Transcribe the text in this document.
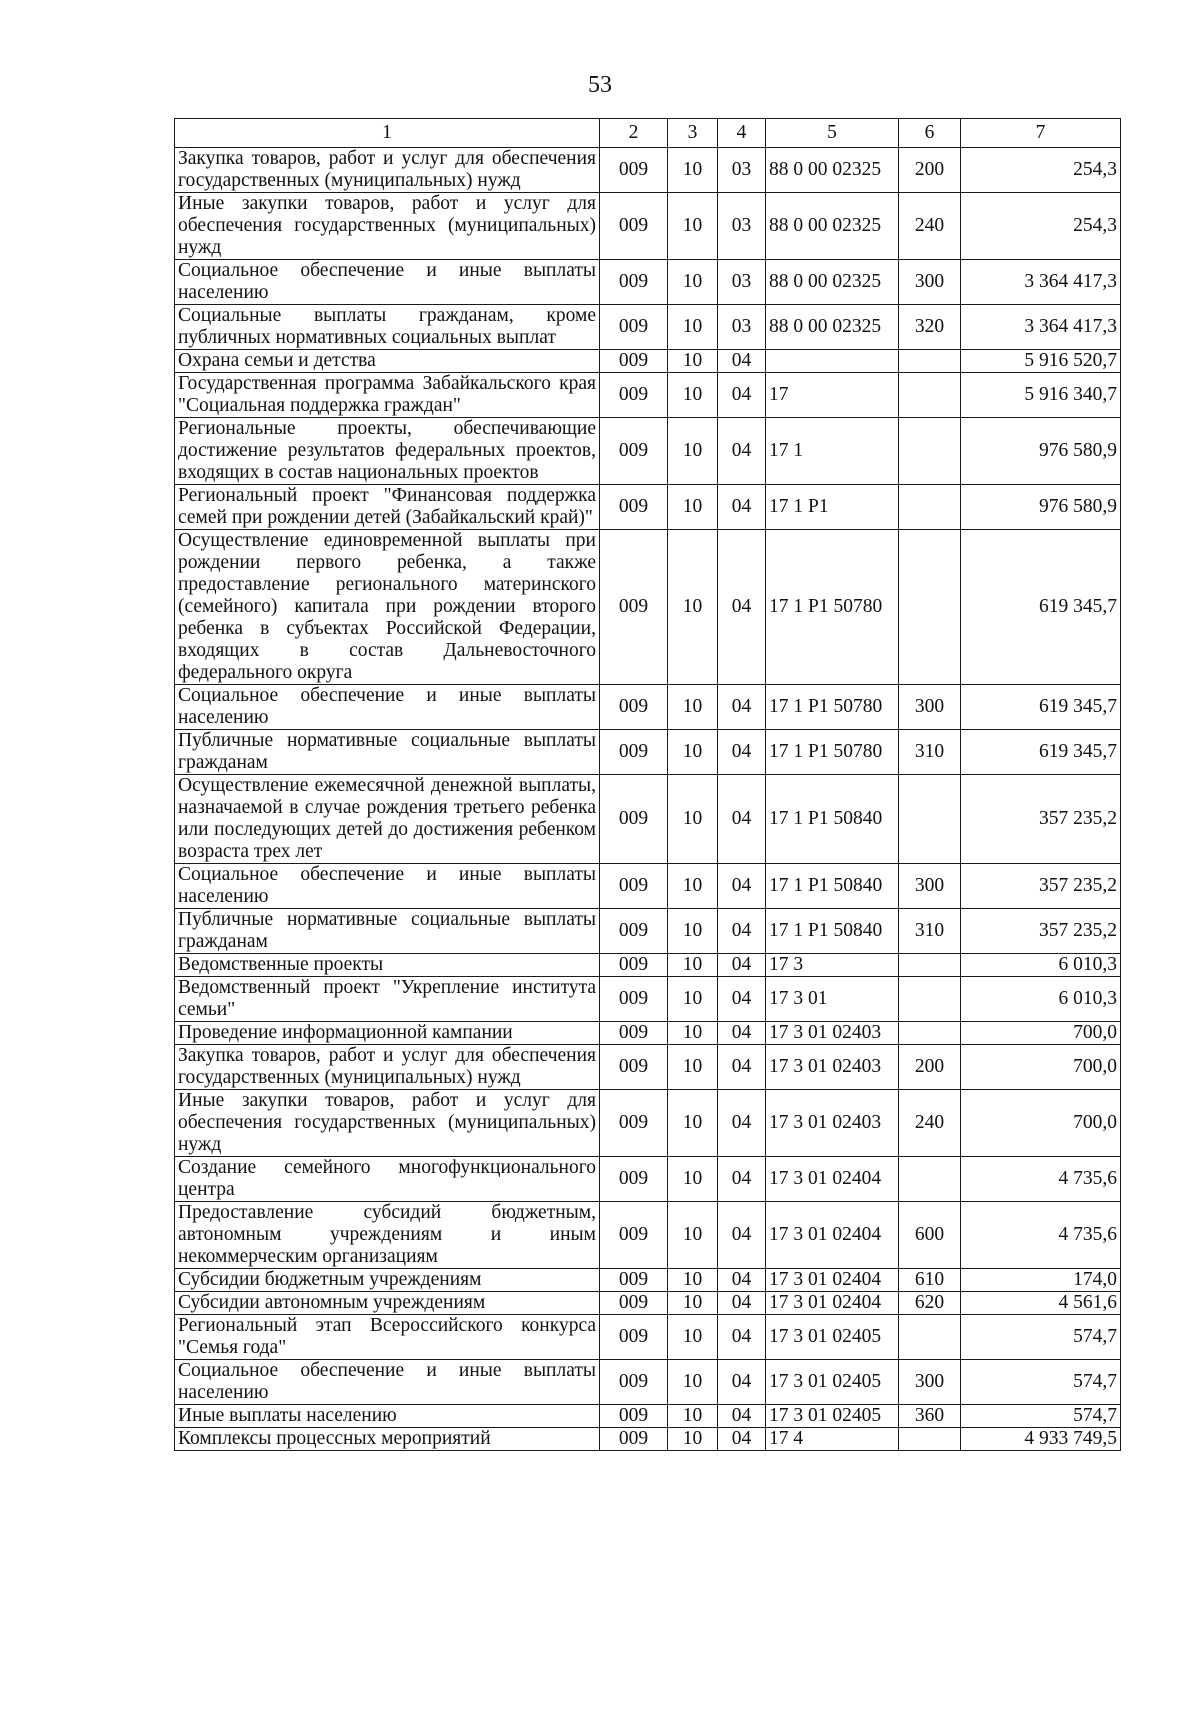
53
1	2	3	4	5	6	7
Закупка товаров, работ и услуг для обеспечения государственных (муниципальных) нужд	009	10	03	88 0 00 02325	200	254,3
Иные закупки товаров, работ и услуг для обеспечения государственных (муниципальных) нужд	009	10	03	88 0 00 02325	240	254,3
Социальное обеспечение и иные выплаты населению	009	10	03	88 0 00 02325	300	3 364 417,3
Социальные выплаты гражданам, кроме публичных нормативных социальных выплат	009	10	03	88 0 00 02325	320	3 364 417,3
Охрана семьи и детства	009	10	04			5 916 520,7
Государственная программа Забайкальского края "Социальная поддержка граждан"	009	10	04	17		5 916 340,7
Региональные проекты, обеспечивающие достижение результатов федеральных проектов, входящих в состав национальных проектов	009	10	04	17 1		976 580,9
Региональный проект "Финансовая поддержка семей при рождении детей (Забайкальский край)"	009	10	04	17 1 P1		976 580,9
Осуществление единовременной выплаты при рождении первого ребенка, а также предоставление регионального материнского (семейного) капитала при рождении второго ребенка в субъектах Российской Федерации, входящих в состав Дальневосточного федерального округа	009	10	04	17 1 P1 50780		619 345,7
Социальное обеспечение и иные выплаты населению	009	10	04	17 1 P1 50780	300	619 345,7
Публичные нормативные социальные выплаты гражданам	009	10	04	17 1 P1 50780	310	619 345,7
Осуществление ежемесячной денежной выплаты, назначаемой в случае рождения третьего ребенка или последующих детей до достижения ребенком возраста трех лет	009	10	04	17 1 P1 50840		357 235,2
Социальное обеспечение и иные выплаты населению	009	10	04	17 1 P1 50840	300	357 235,2
Публичные нормативные социальные выплаты гражданам	009	10	04	17 1 P1 50840	310	357 235,2
Ведомственные проекты	009	10	04	17 3		6 010,3
Ведомственный проект "Укрепление института семьи"	009	10	04	17 3 01		6 010,3
Проведение информационной кампании	009	10	04	17 3 01 02403		700,0
Закупка товаров, работ и услуг для обеспечения государственных (муниципальных) нужд	009	10	04	17 3 01 02403	200	700,0
Иные закупки товаров, работ и услуг для обеспечения государственных (муниципальных) нужд	009	10	04	17 3 01 02403	240	700,0
Создание семейного многофункционального центра	009	10	04	17 3 01 02404		4 735,6
Предоставление субсидий бюджетным, автономным учреждениям и иным некоммерческим организациям	009	10	04	17 3 01 02404	600	4 735,6
Субсидии бюджетным учреждениям	009	10	04	17 3 01 02404	610	174,0
Субсидии автономным учреждениям	009	10	04	17 3 01 02404	620	4 561,6
Региональный этап Всероссийского конкурса "Семья года"	009	10	04	17 3 01 02405		574,7
Социальное обеспечение и иные выплаты населению	009	10	04	17 3 01 02405	300	574,7
Иные выплаты населению	009	10	04	17 3 01 02405	360	574,7
Комплексы процессных мероприятий	009	10	04	17 4		4 933 749,5
